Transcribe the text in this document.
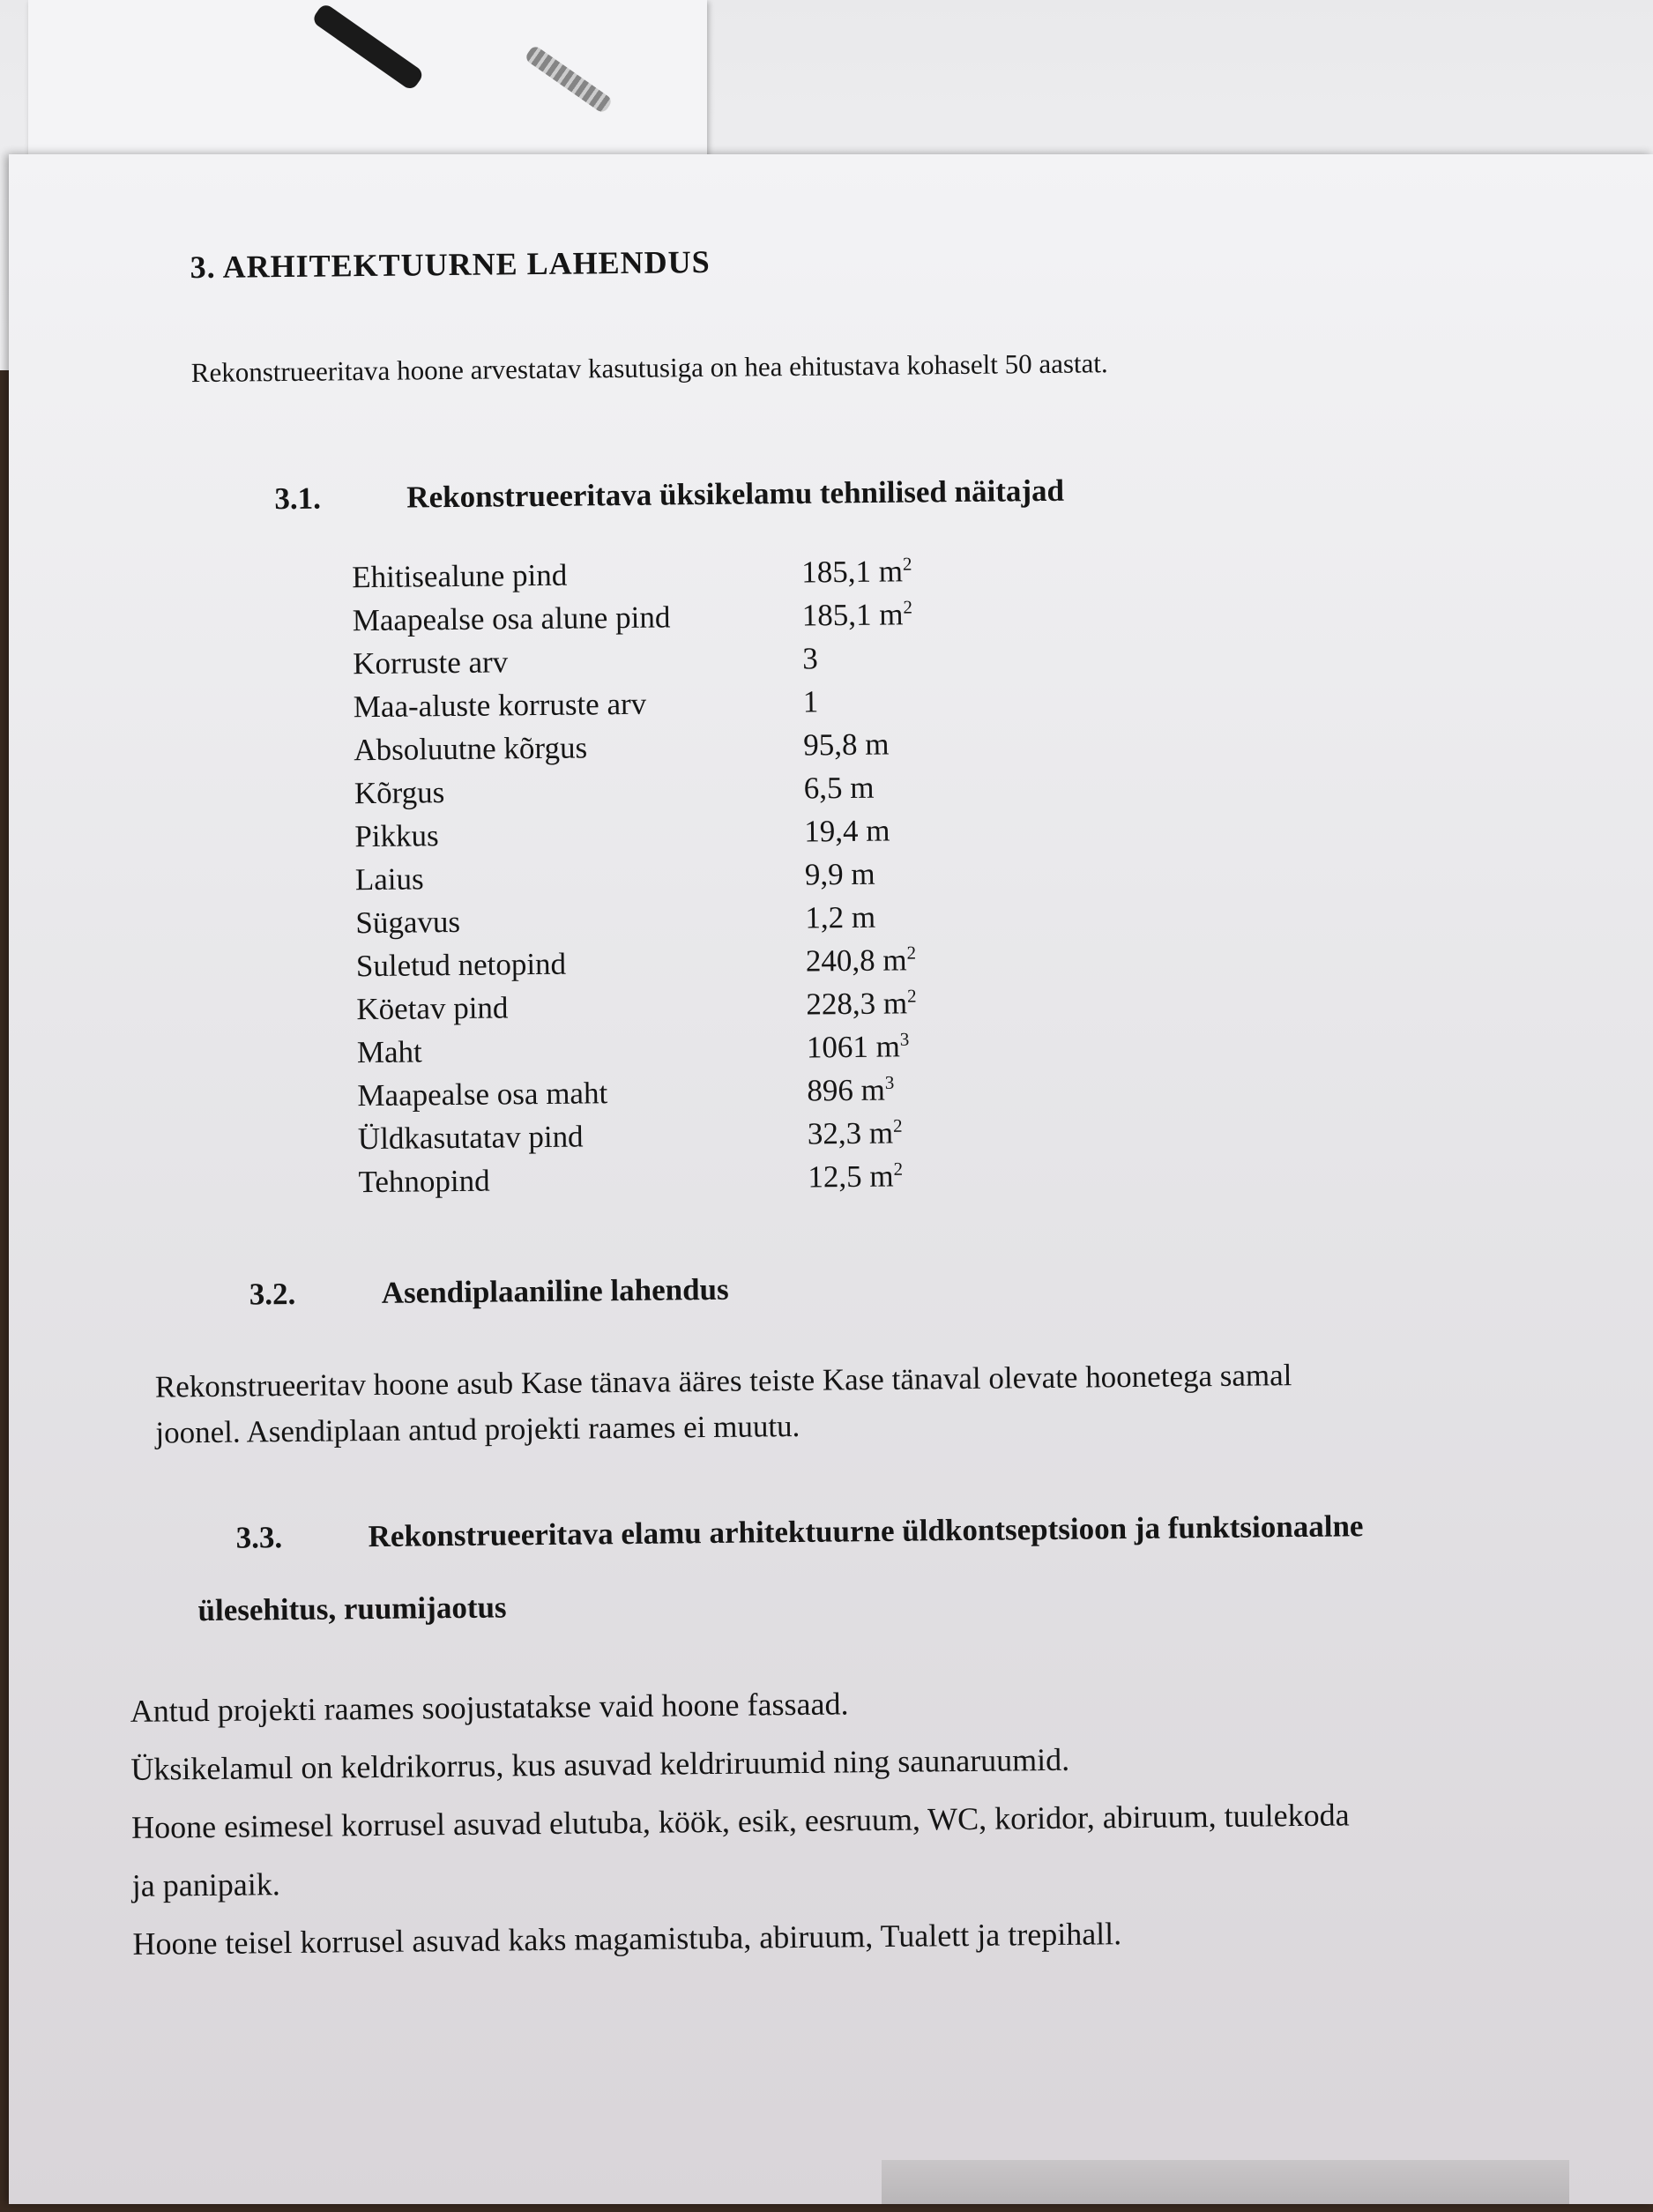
3. ARHITEKTUURNE LAHENDUS
Rekonstrueeritava hoone arvestatav kasutusiga on hea ehitustava kohaselt 50 aastat.
3.1.	Rekonstrueeritava üksikelamu tehnilised näitajad
Ehitisealune pind	185,1 $m^2$
Maapealse osa alune pind	185,1 $m^2$
Korruste arv	3
Maa-aluste korruste arv	1
Absoluutne kõrgus	95,8 m
Kõrgus	6,5 m
Pikkus	19,4 m
Laius	9,9 m
Sügavus	1,2 m
Suletud netopind	240,8 $m^2$
Köetav pind	228,3 $m^2$
Maht	1061 $m^3$
Maapealse osa maht	896 $m^3$
Üldkasutatav pind	32,3 $m^2$
Tehnopind	12,5 $m^2$
3.2.	Asendiplaaniline lahendus
Rekonstrueeritav hoone asub Kase tänava ääres teiste Kase tänaval olevate hoonetega samal
joonel. Asendiplaan antud projekti raames ei muutu.
3.3.	Rekonstrueeritava elamu arhitektuurne üldkontseptsioon ja funktsionaalne
ülesehitus, ruumijaotus
Antud projekti raames soojustatakse vaid hoone fassaad.
Üksikelamul on keldrikorrus, kus asuvad keldriruumid ning saunaruumid.
Hoone esimesel korrusel asuvad elutuba, köök, esik, eesruum, WC, koridor, abiruum, tuulekoda
ja panipaik.
Hoone teisel korrusel asuvad kaks magamistuba, abiruum, Tualett ja trepihall.
